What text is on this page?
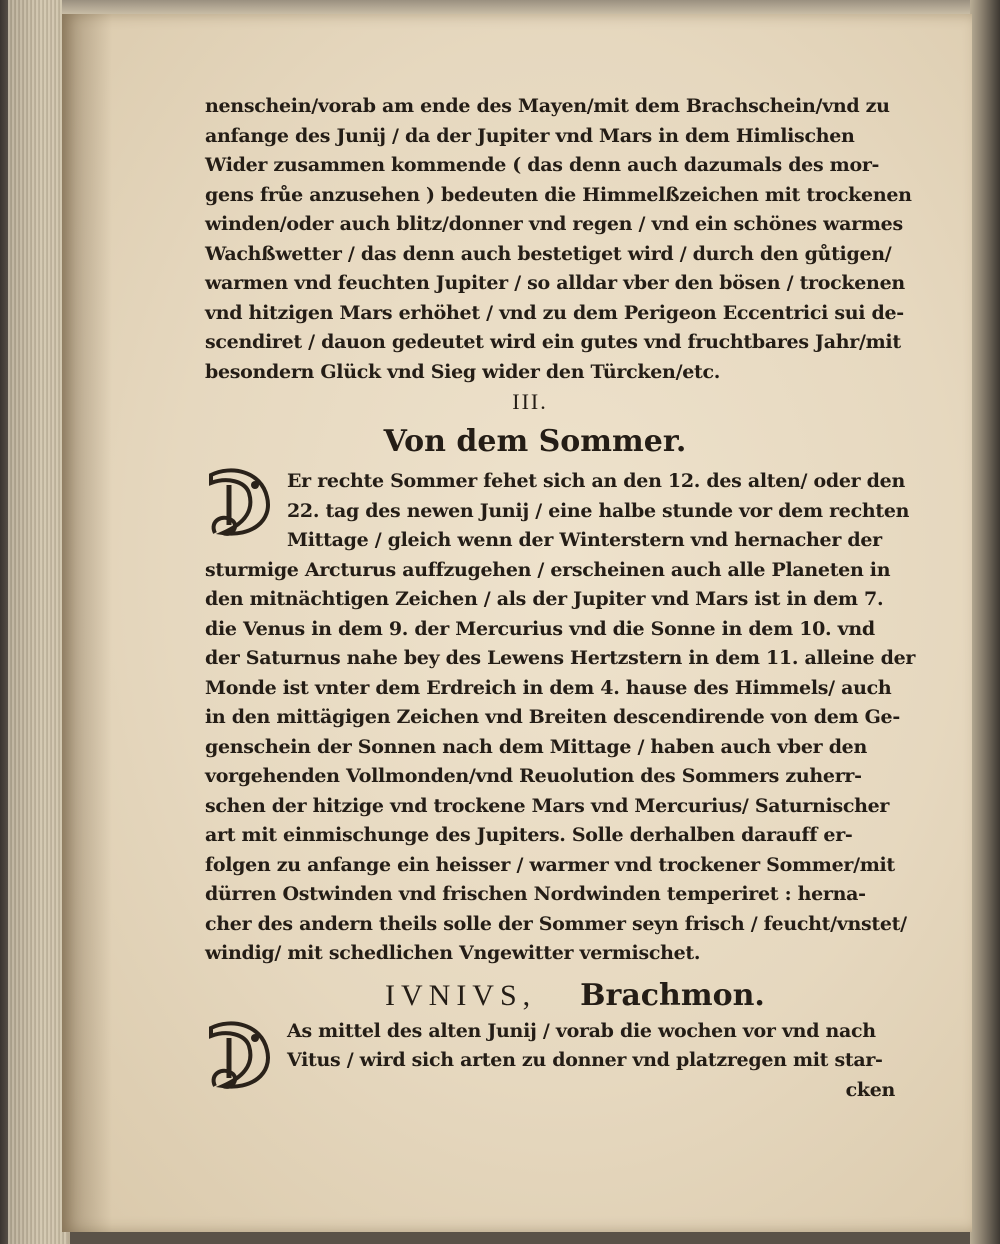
nenschein/vorab am ende des Mayen/mit dem Brachschein/vnd zu
anfange des Junij / da der Jupiter vnd Mars in dem Himlischen
Wider zusammen kommende ( das denn auch dazumals des mor-
gens frůe anzusehen ) bedeuten die Himmelßzeichen mit trockenen
winden/oder auch blitz/donner vnd regen / vnd ein schönes warmes
Wachßwetter / das denn auch bestetiget wird / durch den gůtigen/
warmen vnd feuchten Jupiter / so alldar vber den bösen / trockenen
vnd hitzigen Mars erhöhet / vnd zu dem Perigeon Eccentrici sui de-
scendiret / dauon gedeutet wird ein gutes vnd fruchtbares Jahr/mit
besondern Glück vnd Sieg wider den Türcken/etc.
III.
Von dem Sommer.
Er rechte Sommer fehet sich an den 12. des alten/ oder den
22. tag des newen Junij / eine halbe stunde vor dem rechten
Mittage / gleich wenn der Winterstern vnd hernacher der
sturmige Arcturus auffzugehen / erscheinen auch alle Planeten in
den mitnächtigen Zeichen / als der Jupiter vnd Mars ist in dem 7.
die Venus in dem 9. der Mercurius vnd die Sonne in dem 10. vnd
der Saturnus nahe bey des Lewens Hertzstern in dem 11. alleine der
Monde ist vnter dem Erdreich in dem 4. hause des Himmels/ auch
in den mittägigen Zeichen vnd Breiten descendirende von dem Ge-
genschein der Sonnen nach dem Mittage / haben auch vber den
vorgehenden Vollmonden/vnd Reuolution des Sommers zuherr-
schen der hitzige vnd trockene Mars vnd Mercurius/ Saturnischer
art mit einmischunge des Jupiters. Solle derhalben darauff er-
folgen zu anfange ein heisser / warmer vnd trockener Sommer/mit
dürren Ostwinden vnd frischen Nordwinden temperiret : herna-
cher des andern theils solle der Sommer seyn frisch / feucht/vnstet/
windig/ mit schedlichen Vngewitter vermischet.
IVNIVS, Brachmon.
As mittel des alten Junij / vorab die wochen vor vnd nach
Vitus / wird sich arten zu donner vnd platzregen mit star-
cken
